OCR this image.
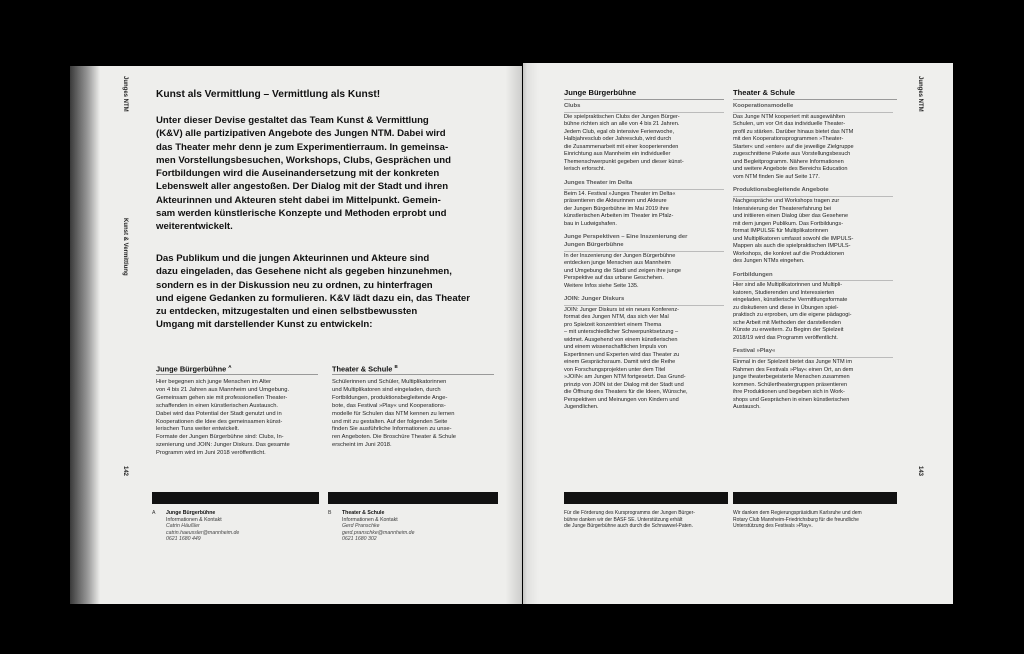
Junges NTM
Kunst & Vermittlung
142
Kunst als Vermittlung – Vermittlung als Kunst!
Unter dieser Devise gestaltet das Team Kunst & Vermittlung
(K&V) alle partizipativen Angebote des Jungen NTM. Dabei wird
das Theater mehr denn je zum Experimentierraum. In gemeinsa-
men Vorstellungsbesuchen, Workshops, Clubs, Gesprächen und
Fortbildungen wird die Auseinandersetzung mit der konkreten
Lebenswelt aller angestoßen. Der Dialog mit der Stadt und ihren
Akteurinnen und Akteuren steht dabei im Mittelpunkt. Gemein-
sam werden künstlerische Konzepte und Methoden erprobt und
weiterentwickelt.
Das Publikum und die jungen Akteurinnen und Akteure sind
dazu eingeladen, das Gesehene nicht als gegeben hinzunehmen,
sondern es in der Diskussion neu zu ordnen, zu hinterfragen
und eigene Gedanken zu formulieren. K&V lädt dazu ein, das Theater
zu entdecken, mitzugestalten und einen selbstbewussten
Umgang mit darstellender Kunst zu entwickeln:
Junge Bürgerbühne $^A$
Hier begegnen sich junge Menschen im Alter
von 4 bis 21 Jahren aus Mannheim und Umgebung.
Gemeinsam gehen sie mit professionellen Theater-
schaffenden in einen künstlerischen Austausch.
Dabei wird das Potential der Stadt genutzt und in
Kooperationen die Idee des gemeinsamen künst-
lerischen Tuns weiter entwickelt.
Formate der Jungen Bürgerbühne sind: Clubs, In-
szenierung und JOIN: Junger Diskurs. Das gesamte
Programm wird im Juni 2018 veröffentlicht.
Theater & Schule $^B$
Schülerinnen und Schüler, Multiplikatorinnen
und Multiplikatoren sind eingeladen, durch
Fortbildungen, produktionsbegleitende Ange-
bote, das Festival »Play« und Kooperations-
modelle für Schulen das NTM kennen zu lernen
und mit zu gestalten. Auf der folgenden Seite
finden Sie ausführliche Informationen zu unse-
ren Angeboten. Die Broschüre Theater & Schule
erscheint im Juni 2018.
A Junge Bürgerbühne
Informationen & Kontakt
Catrin Häußler
catrin.haeussler@mannheim.de
0621 1680 449
B Theater & Schule
Informationen & Kontakt
Gerd Pranschke
gerd.pranschke@mannheim.de
0621 1680 302
Junges NTM
143
Junge Bürgerbühne
Clubs
Die spielpraktischen Clubs der Jungen Bürger-
bühne richten sich an alle von 4 bis 21 Jahren.
Jedem Club, egal ob intensive Ferienwoche,
Halbjahresclub oder Jahresclub, wird durch
die Zusammenarbeit mit einer kooperierenden
Einrichtung aus Mannheim ein individueller
Themenschwerpunkt gegeben und dieser künst-
lerisch erforscht.
Junges Theater im Delta
Beim 14. Festival »Junges Theater im Delta«
präsentieren die Akteurinnen und Akteure
der Jungen Bürgerbühne im Mai 2019 ihre
künstlerischen Arbeiten im Theater im Pfalz-
bau in Ludwigshafen.
Junge Perspektiven – Eine Inszenierung der
Jungen Bürgerbühne
In der Inszenierung der Jungen Bürgerbühne
entdecken junge Menschen aus Mannheim
und Umgebung die Stadt und zeigen ihre junge
Perspektive auf das urbane Geschehen.
Weitere Infos siehe Seite 135.
JOIN: Junger Diskurs
JOIN: Junger Diskurs ist ein neues Konferenz-
format des Jungen NTM, das sich vier Mal
pro Spielzeit konzentriert einem Thema
– mit unterschiedlicher Schwerpunktsetzung –
widmet. Ausgehend von einem künstlerischen
und einem wissenschaftlichen Impuls von
Expertinnen und Experten wird das Theater zu
einem Gesprächsraum. Damit wird die Reihe
von Forschungsprojekten unter dem Titel
»JOIN« am Jungen NTM fortgesetzt. Das Grund-
prinzip von JOIN ist der Dialog mit der Stadt und
die Öffnung des Theaters für die Ideen, Wünsche,
Perspektiven und Meinungen von Kindern und
Jugendlichen.
Theater & Schule
Kooperationsmodelle
Das Junge NTM kooperiert mit ausgewählten
Schulen, um vor Ort das individuelle Theater-
profil zu stärken. Darüber hinaus bietet das NTM
mit den Kooperationsprogrammen »Theater-
Starter« und »enter« auf die jeweilige Zielgruppe
zugeschnittene Pakete aus Vorstellungsbesuch
und Begleitprogramm. Nähere Informationen
und weitere Angebote des Bereichs Education
vom NTM finden Sie auf Seite 177.
Produktionsbegleitende Angebote
Nachgespräche und Workshops tragen zur
Intensivierung der Theatererfahrung bei
und initiieren einen Dialog über das Gesehene
mit dem jungen Publikum. Das Fortbildungs-
format IMPULSE für Multiplikatorinnen
und Multiplikatoren umfasst sowohl die IMPULS-
Mappen als auch die spielpraktischen IMPULS-
Workshops, die konkret auf die Produktionen
des Jungen NTMs eingehen.
Fortbildungen
Hier sind alle Multiplikatorinnen und Multipli-
katoren, Studierenden und Interessierten
eingeladen, künstlerische Vermittlungsformate
zu diskutieren und diese in Übungen spiel-
praktisch zu erproben, um die eigene pädagogi-
sche Arbeit mit Methoden der darstellenden
Künste zu erweitern. Zu Beginn der Spielzeit
2018/19 wird das Programm veröffentlicht.
Festival »Play«
Einmal in der Spielzeit bietet das Junge NTM im
Rahmen des Festivals »Play« einen Ort, an dem
junge theaterbegeisterte Menschen zusammen
kommen. Schülertheatergruppen präsentieren
ihre Produktionen und begeben sich in Work-
shops und Gesprächen in einen künstlerischen
Austausch.
Für die Förderung des Kursprogramms der Jungen Bürger-
bühne danken wir der BASF SE. Unterstützung erhält
die Junge Bürgerbühne auch durch die Schnawwel-Paten.
Wir danken dem Regierungspräsidium Karlsruhe und dem
Rotary Club Mannheim-Friedrichsburg für die freundliche
Unterstützung des Festivals »Play«.
